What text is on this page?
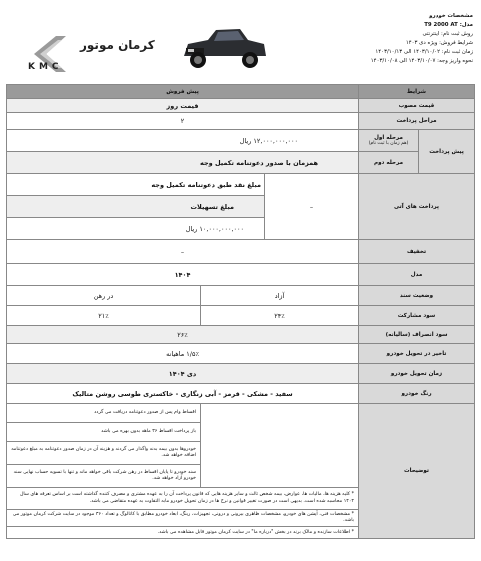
مشخصات خودرو
مدل: T9 2000 AT
روش ثبت نام: اینترنتی
شرایط فروش: ویژه دی ۱۴۰۳
زمان ثبت نام: ۱۴۰۳/۱۰/۰۲ الی ۱۴۰۳/۱۰/۱۳
نحوه واریز وجه: ۱۴۰۳/۱۰/۰۷ الی ۱۴۰۳/۱۰/۰۸
کرمان موتور
KMC
شرایط		پیش فروش		
قیمت مصوب		قیمت روز		
مراحل پرداخت		۲		
پیش پرداخت	مرحله اول
(هم زمان با ثبت نام)	۱۲,۰۰۰,۰۰۰,۰۰۰ ریال		
	مرحله دوم	همزمان با صدور دعوتنامه تکمیل وجه		
پرداخت های آتی		–	مبلغ نقد طبق دعوتنامه تکمیل وجه	
			مبلغ تسهیلات	
			۱۰,۰۰۰,۰۰۰,۰۰۰ ریال	
تخفیف		–		
مدل		۱۴۰۴		
وضعیت سند		آزاد		در رهن
سود مشارکت		۲۴٪		۲۱٪
سود انصراف (سالیانه)		۲۶٪		
تاخیر در تحویل خودرو		۱/۵٪ ماهیانه		
زمان تحویل خودرو		دی ۱۴۰۴		
رنگ خودرو		سفید - مشکی - قرمز - آبی زنگاری - خاکستری طوسی روشن متالیک		
توضیحات				اقساط وام پس از صدور دعوتنامه دریافت می گردد
				باز پرداخت اقساط ۳۶ ماهه بدون بهره می باشد
				خودروها بدون بیمه بدنه واگذار می گردند و هزینه آن در زمان صدور دعوتنامه به مبلغ دعوتنامه اضافه خواهد شد.
				سند خودرو تا پایان اقساط در رهن شرکت باقی خواهد ماند و تنها با تسویه حساب نهایی سند خودرو آزاد خواهد شد.
		* کلیه هزینه ها، مالیات ها، عوارض، بیمه شخص ثالث و سایر هزینه هایی که قانون پرداخت آن را به عهده مشتری و مصرف کننده گذاشته است بر اساس تعرفه های سال ۱۴۰۴ محاسبه شده است. بدیهی است در صورت تغییر قوانین و نرخ ها در زمان تحویل خودرو مابه التفاوت به عهده متقاضی می باشد.		
		* مشخصات فنی، آپشن های خودرو، مشخصات ظاهری بیرونی و درونی، تجهیزات، رینگ، ابعاد خودرو مطابق با کاتالوگ و تعداد ۳۶۰ موجود در سایت شرکت کرمان موتور می باشد.		
		* اطلاعات سازنده و مالک برند در بخش "درباره ما" در سایت کرمان موتور قابل مشاهده می باشد.		
